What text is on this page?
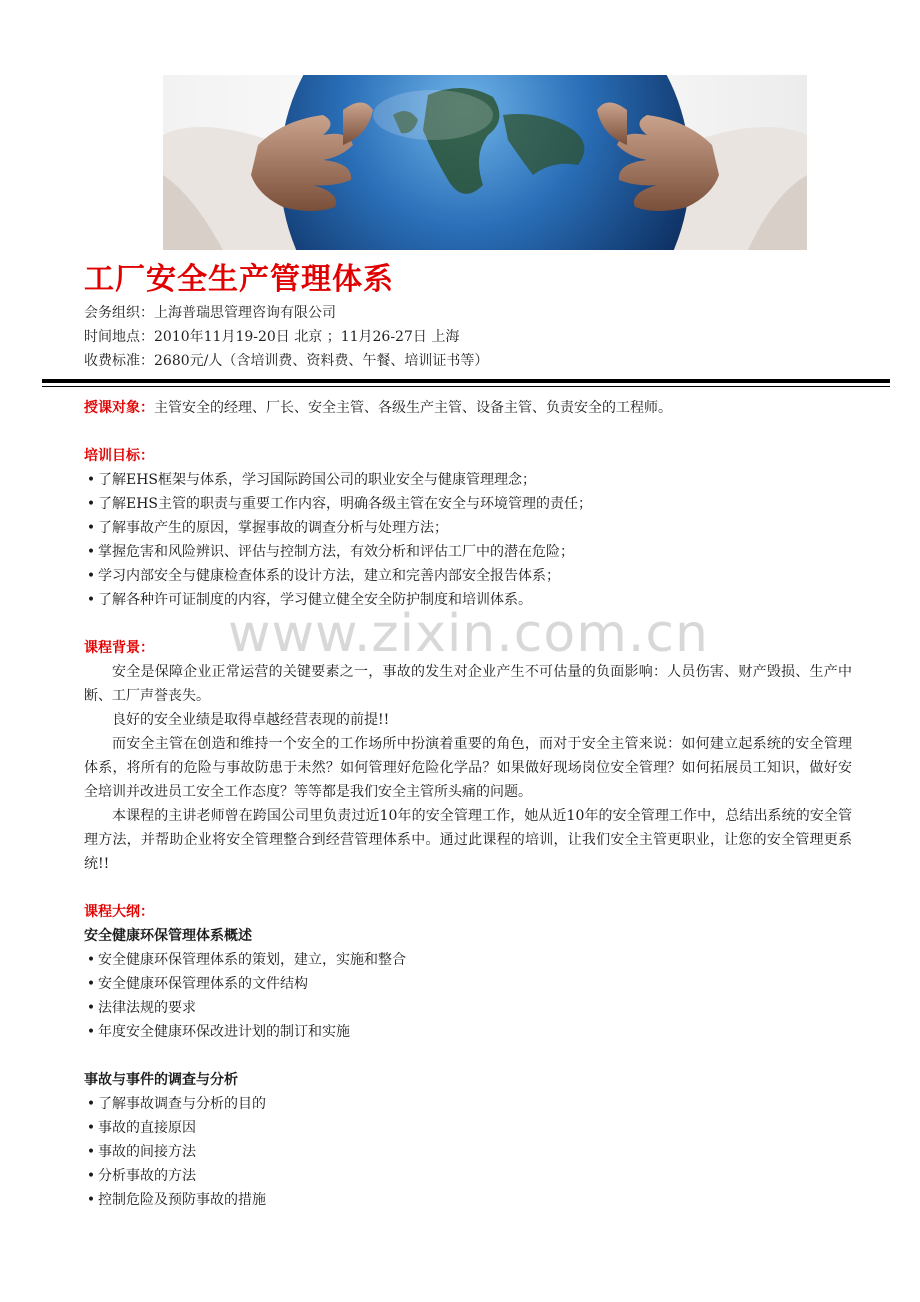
工厂安全生产管理体系
会务组织：上海普瑞思管理咨询有限公司
时间地点：2010年11月19-20日 北京 ；11月26-27日 上海
收费标准：2680元/人（含培训费、资料费、午餐、培训证书等）
www.zixin.com.cn
授课对象：主管安全的经理、厂长、安全主管、各级生产主管、设备主管、负责安全的工程师。
培训目标：
• 了解EHS框架与体系，学习国际跨国公司的职业安全与健康管理理念；
• 了解EHS主管的职责与重要工作内容，明确各级主管在安全与环境管理的责任；
• 了解事故产生的原因，掌握事故的调查分析与处理方法；
• 掌握危害和风险辨识、评估与控制方法，有效分析和评估工厂中的潜在危险；
• 学习内部安全与健康检查体系的设计方法，建立和完善内部安全报告体系；
• 了解各种许可证制度的内容，学习健立健全安全防护制度和培训体系。
课程背景：

安全是保障企业正常运营的关键要素之一，事故的发生对企业产生不可估量的负面影响：人员伤害、财产毁损、生产中断、工厂声誉丧失。

良好的安全业绩是取得卓越经营表现的前提!!

而安全主管在创造和维持一个安全的工作场所中扮演着重要的角色，而对于安全主管来说：如何建立起系统的安全管理体系，将所有的危险与事故防患于未然？如何管理好危险化学品？如果做好现场岗位安全管理？如何拓展员工知识，做好安全培训并改进员工安全工作态度？等等都是我们安全主管所头痛的问题。

本课程的主讲老师曾在跨国公司里负责过近10年的安全管理工作，她从近10年的安全管理工作中，总结出系统的安全管理方法，并帮助企业将安全管理整合到经营管理体系中。通过此课程的培训，让我们安全主管更职业，让您的安全管理更系统!!

课程大纲：
安全健康环保管理体系概述
• 安全健康环保管理体系的策划，建立，实施和整合
• 安全健康环保管理体系的文件结构
• 法律法规的要求
• 年度安全健康环保改进计划的制订和实施
事故与事件的调查与分析
• 了解事故调查与分析的目的
• 事故的直接原因
• 事故的间接方法
• 分析事故的方法
• 控制危险及预防事故的措施
